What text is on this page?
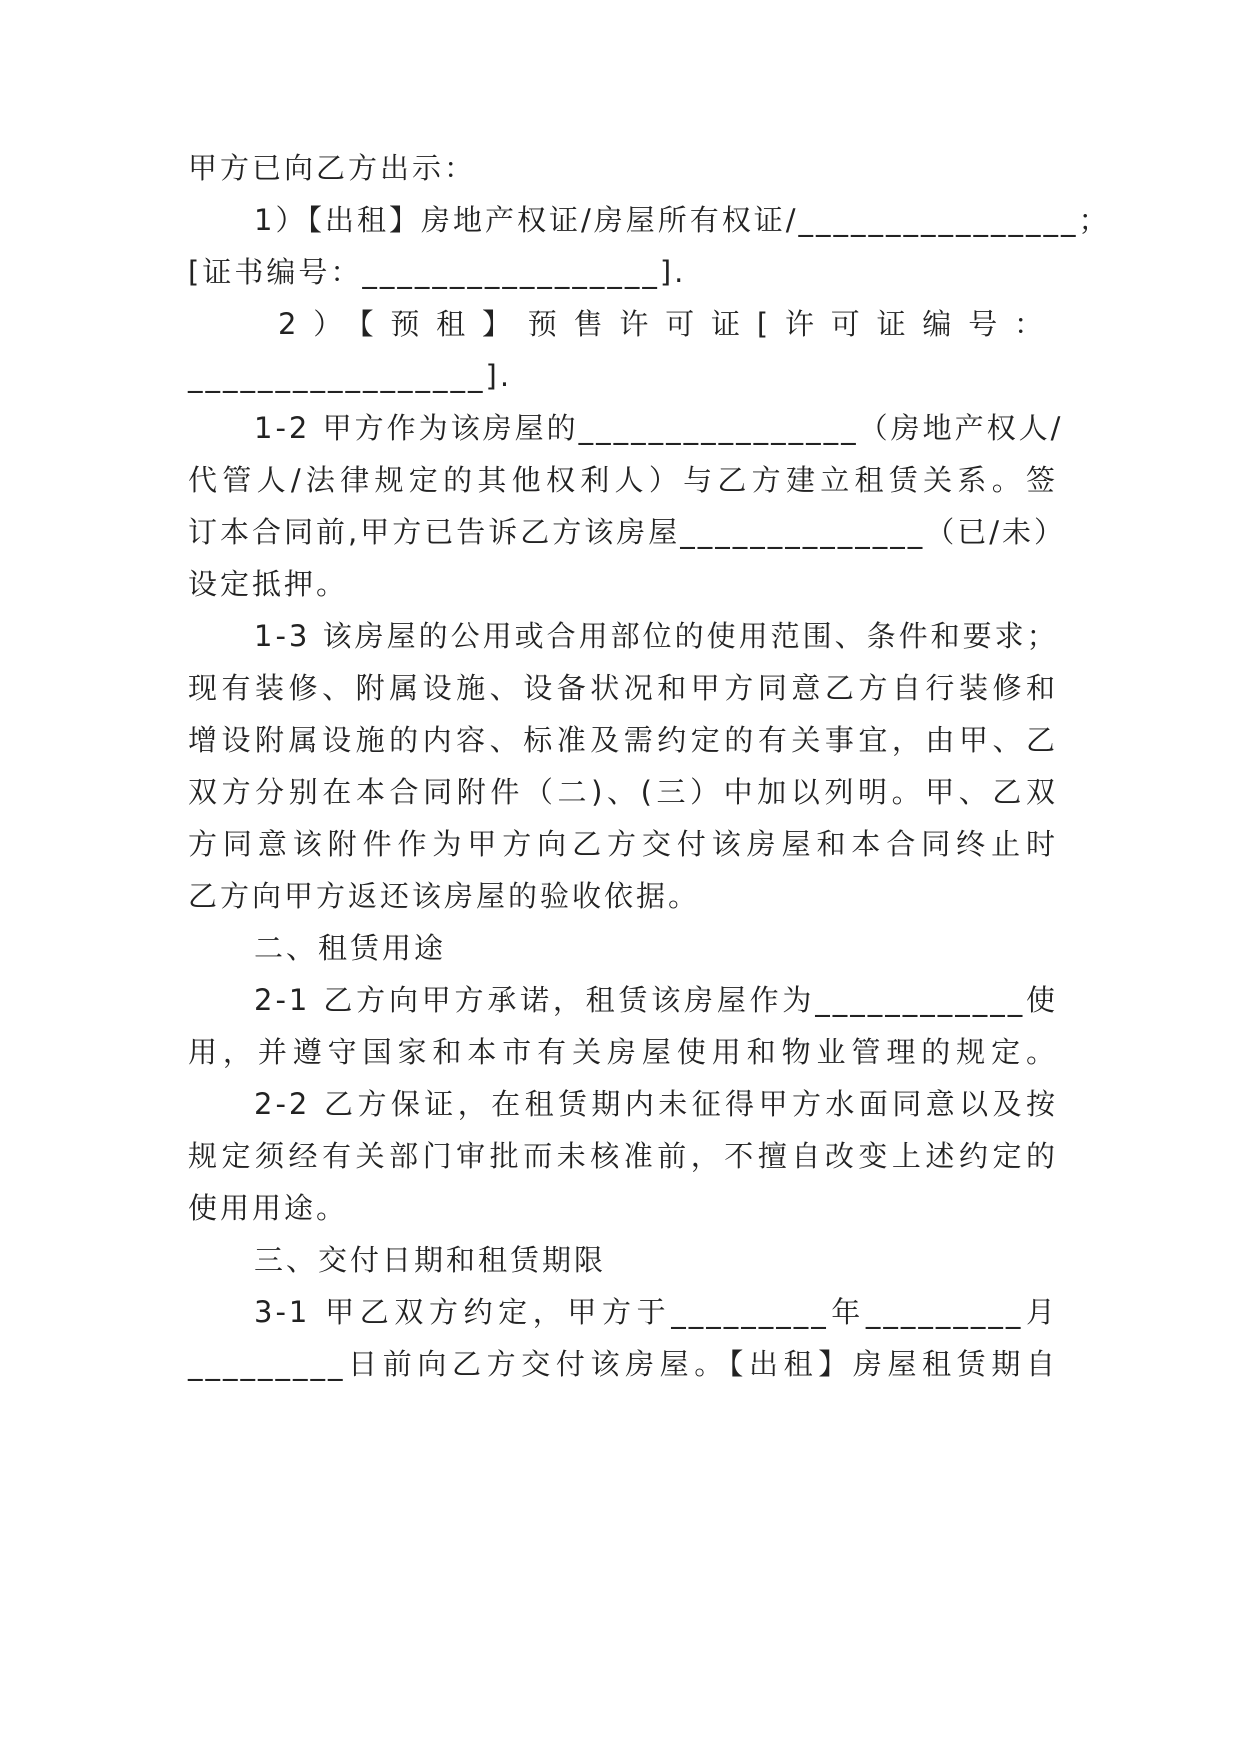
甲方已向乙方出示：
1）【出租】房地产权证/房屋所有权证/________________；
[证书编号：_________________].
2）【预租】预售许可证[许可证编号：
_________________].
1-2 甲方作为该房屋的________________（房地产权人/
代管人/法律规定的其他权利人）与乙方建立租赁关系。签
订本合同前,甲方已告诉乙方该房屋______________（已/未）
设定抵押。
1-3 该房屋的公用或合用部位的使用范围、条件和要求；
现有装修、附属设施、设备状况和甲方同意乙方自行装修和
增设附属设施的内容、标准及需约定的有关事宜，由甲、乙
双方分别在本合同附件（二)、(三）中加以列明。甲、乙双
方同意该附件作为甲方向乙方交付该房屋和本合同终止时
乙方向甲方返还该房屋的验收依据。
二、租赁用途
2-1 乙方向甲方承诺，租赁该房屋作为____________使
用，并遵守国家和本市有关房屋使用和物业管理的规定。
2-2 乙方保证，在租赁期内未征得甲方水面同意以及按
规定须经有关部门审批而未核准前，不擅自改变上述约定的
使用用途。
三、交付日期和租赁期限
3-1 甲乙双方约定，甲方于_________年_________月
_________日前向乙方交付该房屋。【出租】房屋租赁期自
